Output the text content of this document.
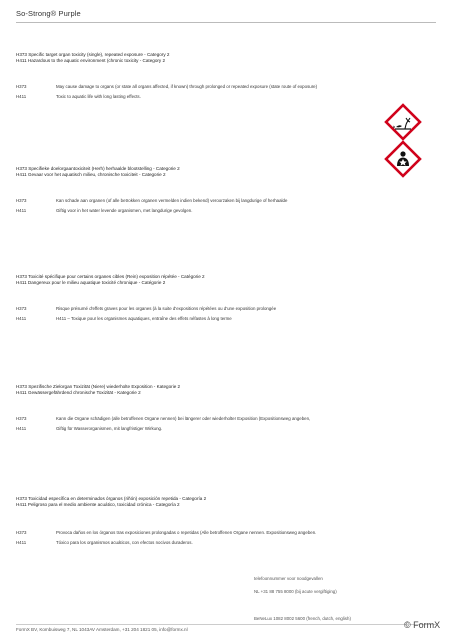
So-Strong® Purple
H373 Specific target organ toxicity (single), repeated exposure - Category 2
H411 Hazardous to the aquatic environment (chronic toxicity - Category 2
H373	May cause damage to organs (or state all organs affected, if known) through prolonged or repeated exposure (state route of exposure)
H411	Toxic to aquatic life with long lasting effects.
H373 Specifieke doelorgaantoxiciteit (Herh) herhaalde blootstelling - Categorie 2
H411 Gevaar voor het aquatisch milieu, chronische toxiciteit - Categorie 2
H373	Kan schade aan organen (of alle betrokken organen vermelden indien bekend) veroorzaken bij langdurige of herhaalde
H411	Giftig voor in het water levende organismen, met langdurige gevolgen.
H373 Toxicité spécifique pour certains organes cibles (Rein) exposition répétée - Catégorie 2
H411 Dangereux pour le milieu aquatique toxicité chronique - Catégorie 2
H373	Risque présumé d'effets graves pour les organes (à la suite d'expositions répétées ou d'une exposition prolongée
H411	H411 – Toxique pour les organismes aquatiques, entraîne des effets néfastes à long terme
H373 Spezifische Zielorgan Toxizität (Niere) wiederholte Exposition - Kategorie 2
H411 Gewässergefährdend chronische Toxizität - Kategorie 2
H373	Kann die Organe schädigen (alle betroffenen Organe nennen) bei längerer oder wiederholter Exposition (Expositionsweg angeben,
H411	Giftig für Wasserorganismen, mit langfristiger Wirkung.
H373 Toxicidad específica en determinados órganos (riñón) exposición repetida - Categoría 2
H411 Peligroso para el medio ambiente acuático, toxicidad crónica - Categoría 2
H373	Provoca daños en los órganos tras exposiciones prolongadas o repetidas (Alle betroffenen Organe nennen. Expositionsweg angeben.
H411	Tóxico para los organismos acuáticos, con efectos nocivos duraderos.
telefoonnummer voor noodgevallen
NL +31 88 755 8000 (bij acute vergiftiging)
BeNeLux 1082 8002 5600 (french, dutch, english)
FormX BV, Kombuisweg 7, NL 1043AV Amsterdam, +31 204 1821 05, info@formx.nl	© FormX
